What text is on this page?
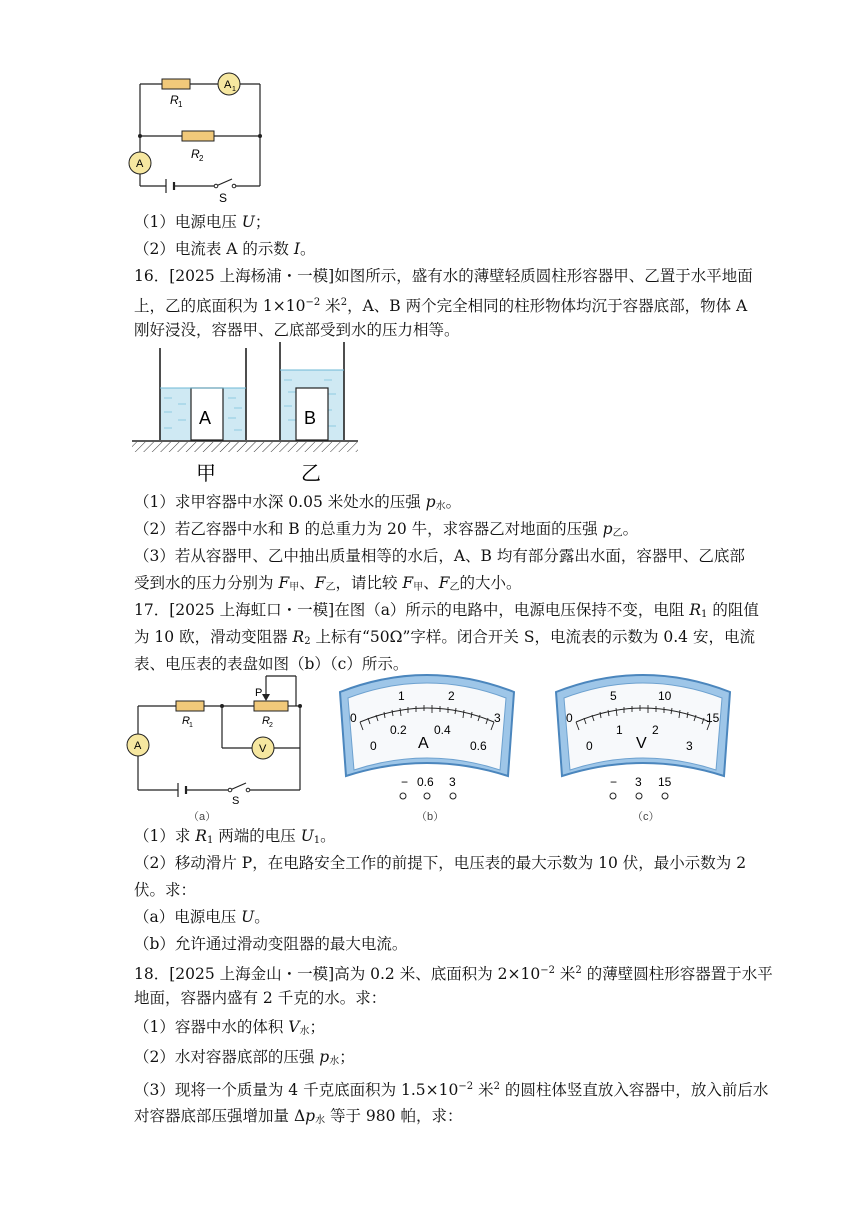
R 1
A 1
R 2
A
S
（1）电源电压 U；
（2）电流表 A 的示数 I。
16．[2025 上海杨浦・一模]如图所示，盛有水的薄壁轻质圆柱形容器甲、乙置于水平地面
上，乙的底面积为 $1\times 10^{-2}$ 米$^2$，A、B 两个完全相同的柱形物体均沉于容器底部，物体 A
刚好浸没，容器甲、乙底部受到水的压力相等。
A	B
甲	乙
（1）求甲容器中水深 0.05 米处水的压强 $p_水$。
（2）若乙容器中水和 B 的总重力为 20 牛，求容器乙对地面的压强 $p_乙$。
（3）若从容器甲、乙中抽出质量相等的水后，A、B 均有部分露出水面，容器甲、乙底部
受到水的压力分别为 $F_甲$、$F_乙$，请比较 $F_甲$、$F_乙$的大小。
17．[2025 上海虹口・一模]在图（a）所示的电路中，电源电压保持不变，电阻 $R_1$ 的阻值
为 10 欧，滑动变阻器 $R_2$ 上标有“50Ω”字样。闭合开关 S，电流表的示数为 0.4 安，电流
表、电压表的表盘如图（b）（c）所示。
P
R 1	R 2
A	V
S
（a）
0
1	2
3
0
0.2 0.4
0.6
A
− 0.6 3
（b）
0
5	10
15
0
1 2
3
V
− 3 15
（c）
（1）求 $R_1$ 两端的电压 $U_1$。
（2）移动滑片 P，在电路安全工作的前提下，电压表的最大示数为 10 伏，最小示数为 2
伏。求：
（a）电源电压 U。
（b）允许通过滑动变阻器的最大电流。
18．[2025 上海金山・一模]高为 0.2 米、底面积为 $2\times 10^{-2}$ 米$^2$ 的薄壁圆柱形容器置于水平
地面，容器内盛有 2 千克的水。求：
（1）容器中水的体积 $V_水$；
（2）水对容器底部的压强 $p_水$；
（3）现将一个质量为 4 千克底面积为 $1.5\times 10^{-2}$ 米$^2$ 的圆柱体竖直放入容器中，放入前后水
对容器底部压强增加量 $\Delta p_水$ 等于 980 帕，求：
